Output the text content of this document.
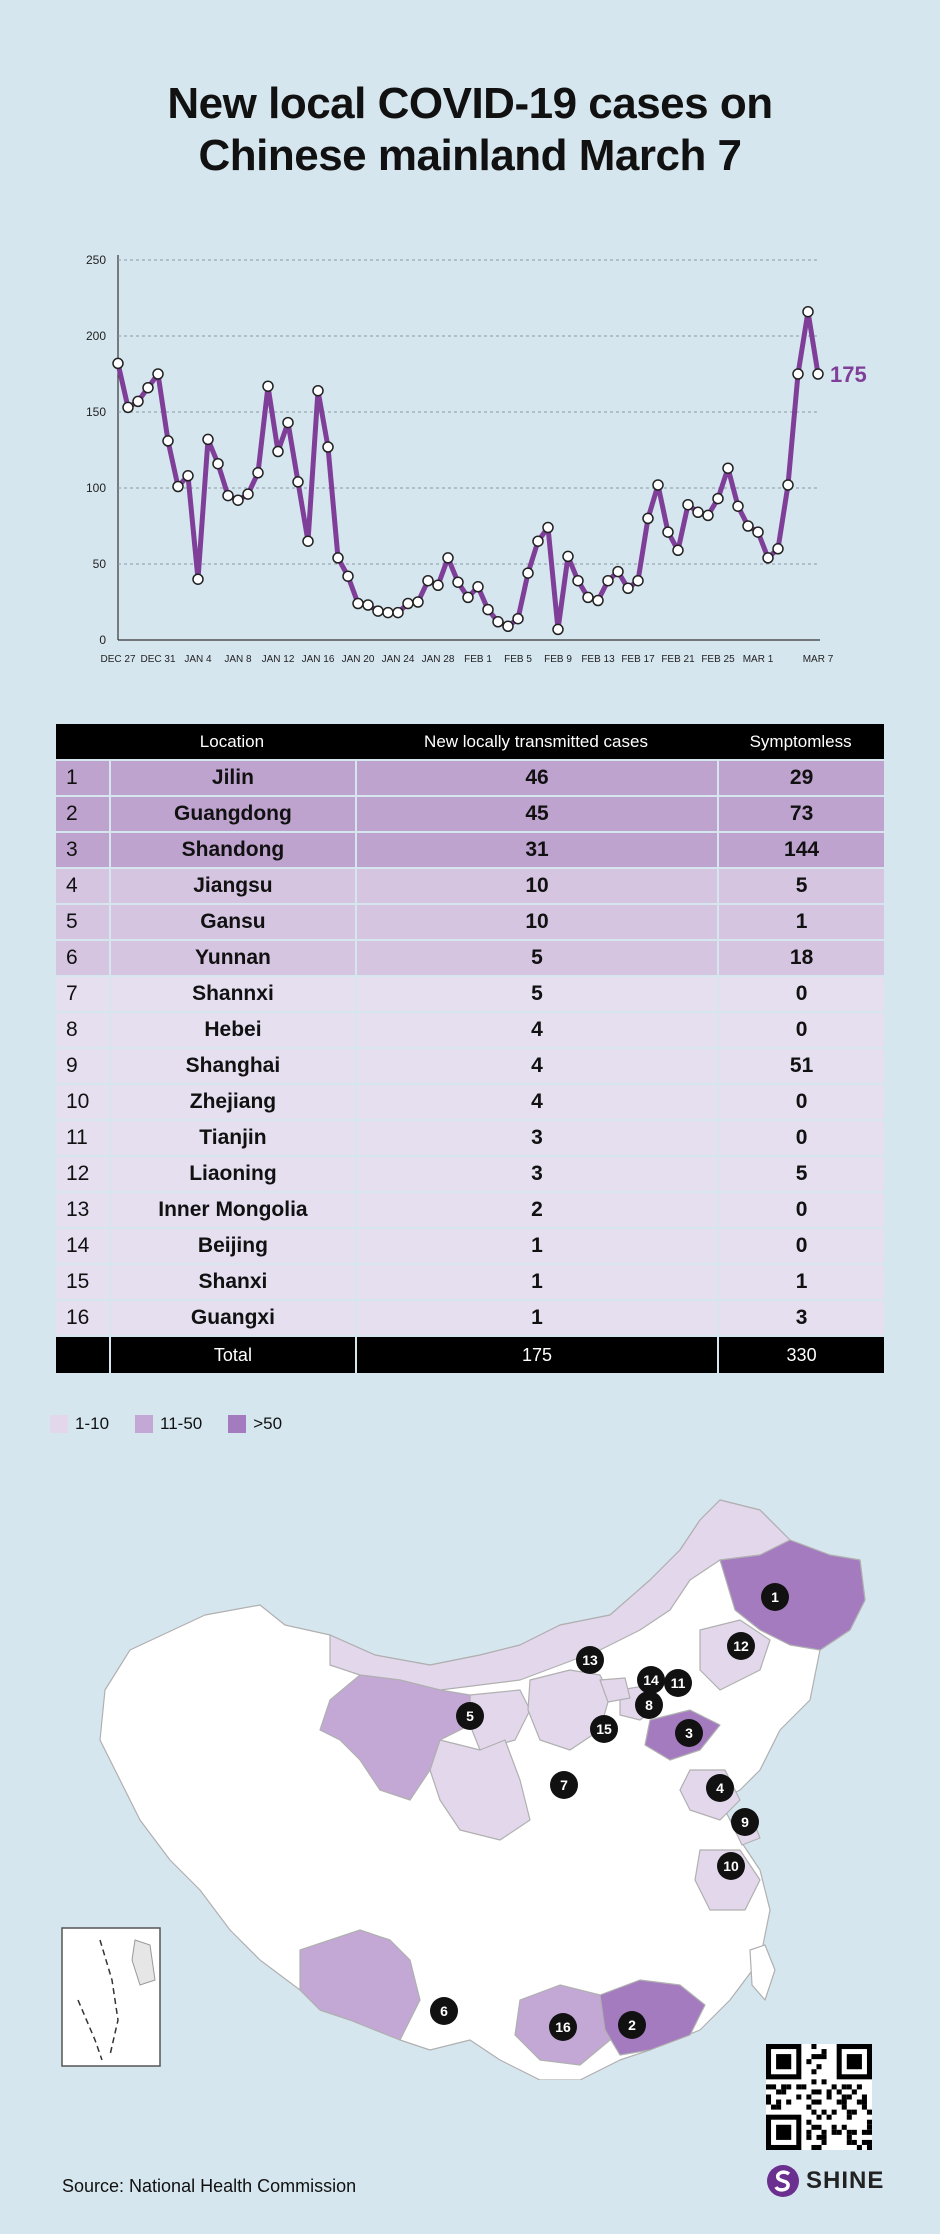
New local COVID-19 cases on
Chinese mainland March 7
0
50
100
150
200
250
DEC 27 DEC 31 JAN 4 JAN 8 JAN 12 JAN 16 JAN 20 JAN 24 JAN 28 FEB 1 FEB 5 FEB 9 FEB 13 FEB 17 FEB 21 FEB 25 MAR 1	MAR 7
175
	Location	New locally transmitted cases	Symptomless
1	Jilin	46	29
2	Guangdong	45	73
3	Shandong	31	144
4	Jiangsu	10	5
5	Gansu	10	1
6	Yunnan	5	18
7	Shannxi	5	0
8	Hebei	4	0
9	Shanghai	4	51
10	Zhejiang	4	0
11	Tianjin	3	0
12	Liaoning	3	5
13	Inner Mongolia	2	0
14	Beijing	1	0
15	Shanxi	1	1
16	Guangxi	1	3
	Total	175	330
1-10	11-50	>50
1
2
3
4
5
6
7
8
9
10
11
12
13
14
15
16
SHINE

Source: National Health Commission
